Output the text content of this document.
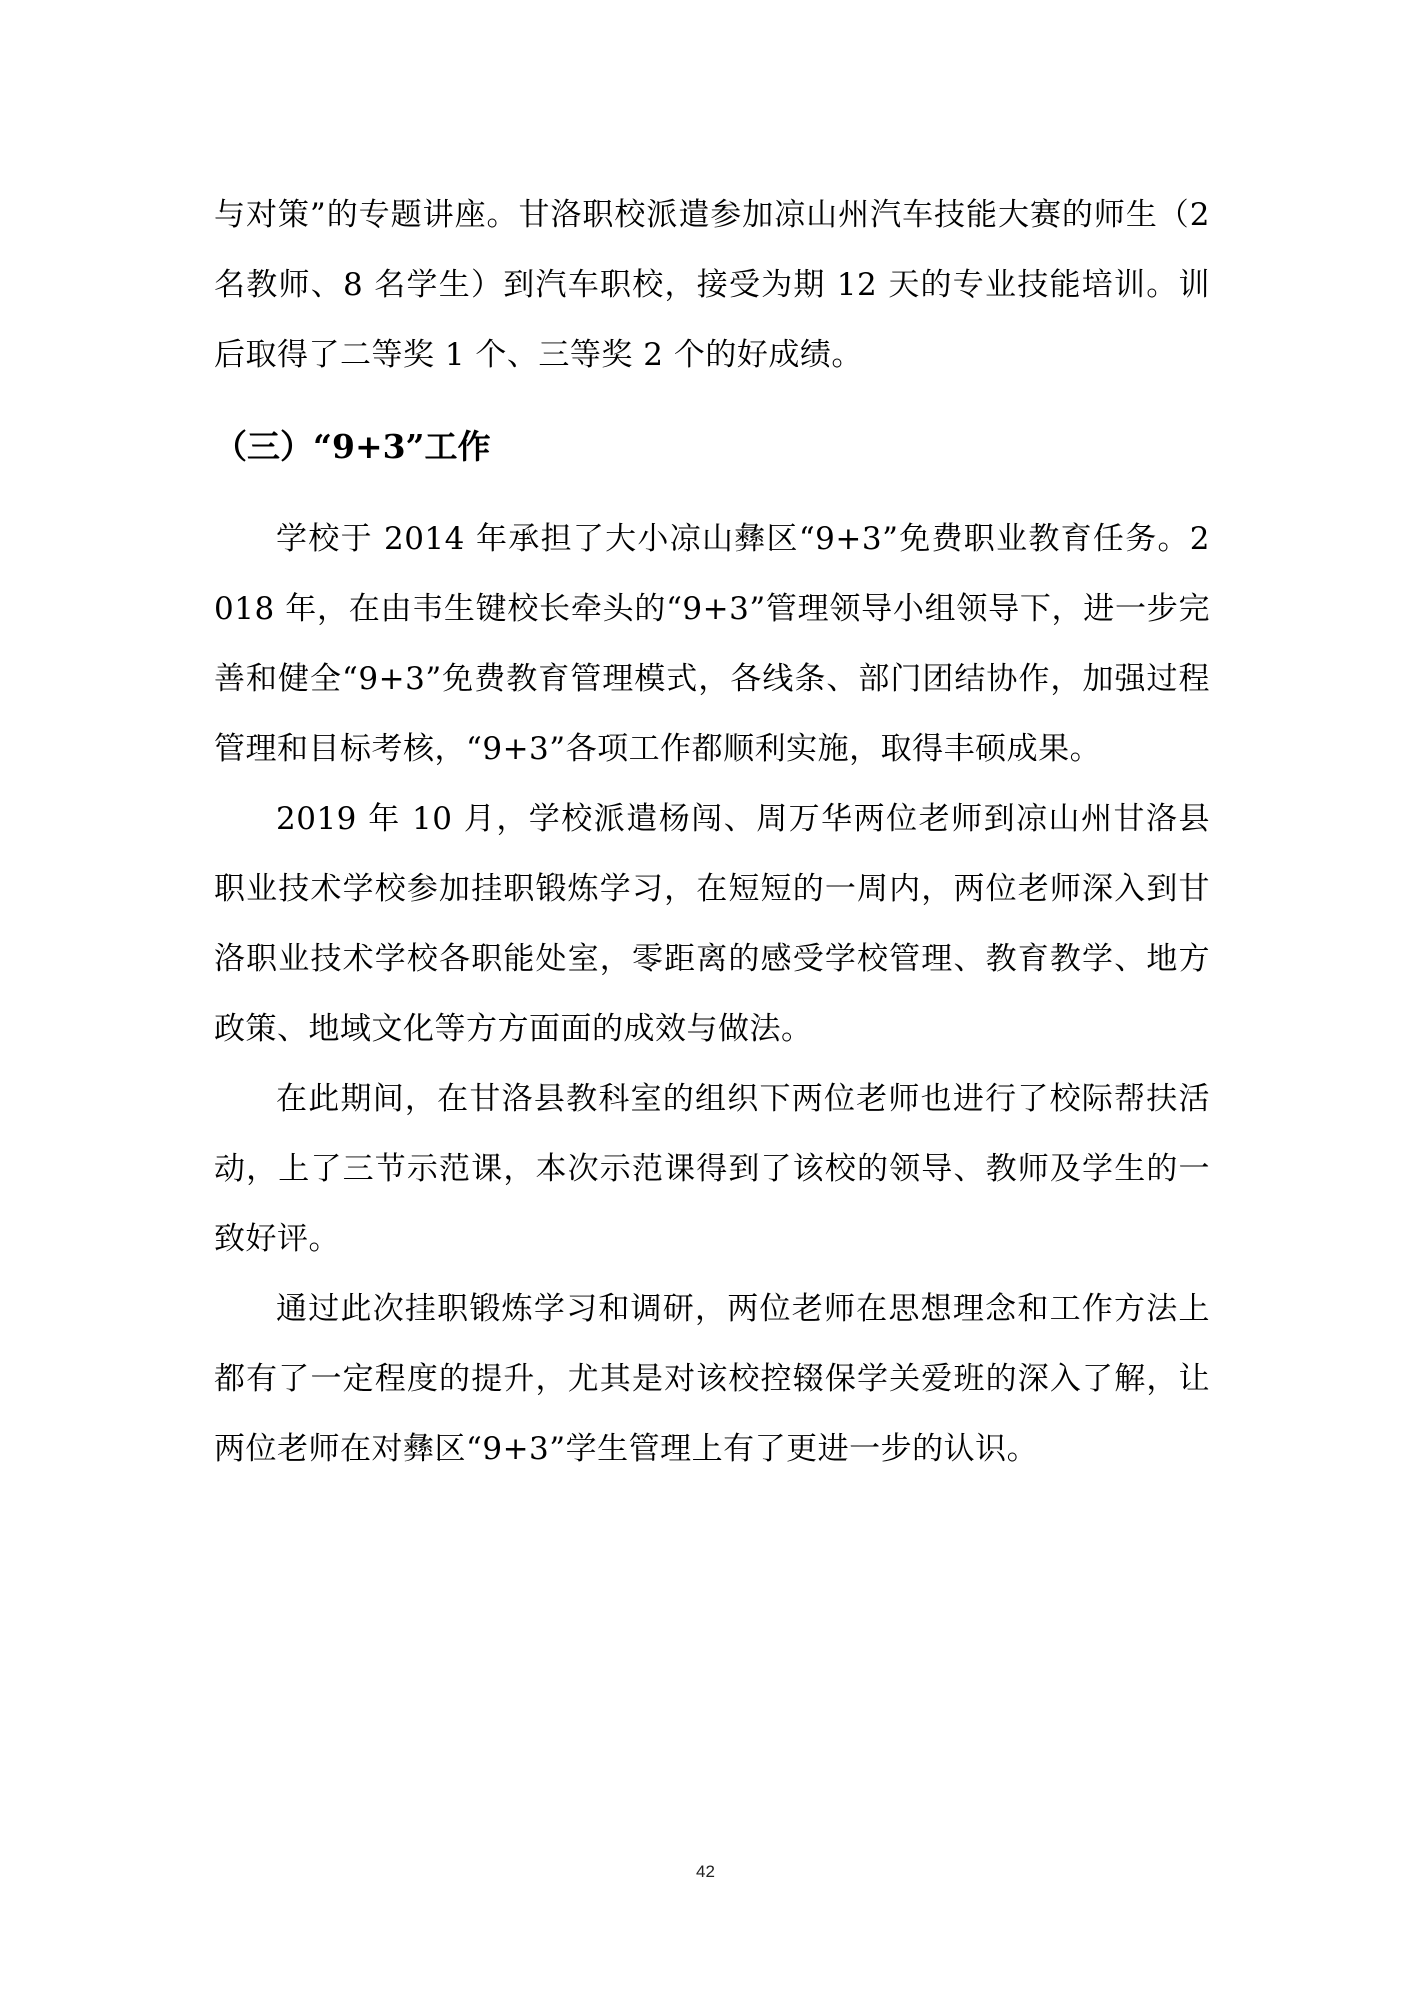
与对策”的专题讲座。甘洛职校派遣参加凉山州汽车技能大赛的师生（2 名教师、8 名学生）到汽车职校，接受为期 12 天的专业技能培训。训后取得了二等奖 1 个、三等奖 2 个的好成绩。

（三）“9+3”工作

学校于 2014 年承担了大小凉山彝区“9+3”免费职业教育任务。2018 年，在由韦生键校长牵头的“9+3”管理领导小组领导下，进一步完善和健全“9+3”免费教育管理模式，各线条、部门团结协作，加强过程管理和目标考核，“9+3”各项工作都顺利实施，取得丰硕成果。

2019 年 10 月，学校派遣杨闯、周万华两位老师到凉山州甘洛县职业技术学校参加挂职锻炼学习，在短短的一周内，两位老师深入到甘洛职业技术学校各职能处室，零距离的感受学校管理、教育教学、地方政策、地域文化等方方面面的成效与做法。

在此期间，在甘洛县教科室的组织下两位老师也进行了校际帮扶活动，上了三节示范课，本次示范课得到了该校的领导、教师及学生的一致好评。

通过此次挂职锻炼学习和调研，两位老师在思想理念和工作方法上都有了一定程度的提升，尤其是对该校控辍保学关爱班的深入了解，让两位老师在对彝区“9+3”学生管理上有了更进一步的认识。

42
